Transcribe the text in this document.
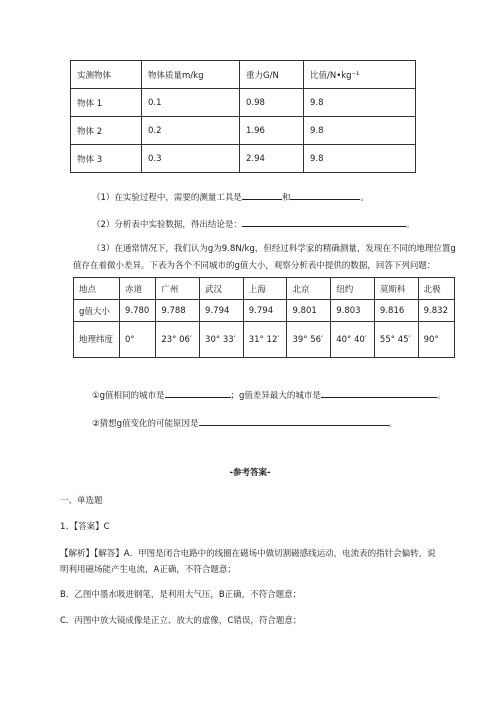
实测物体	物体质量m/kg	重力G/N	比值/N•kg⁻¹
物体 1	0.1	0.98	9.8
物体 2	0.2	1.96	9.8
物体 3	0.3	2.94	9.8
（1）在实验过程中，需要的测量工具是	和	。
（2）分析表中实验数据，得出结论是：	。
（3）在通常情况下，我们认为g为9.8N/kg，但经过科学家的精确测量，发现在不同的地理位置g
值存在着微小差异。下表为各个不同城市的g值大小，观察分析表中提供的数据，回答下列问题：
地点	赤道	广州	武汉	上海	北京	纽约	莫斯科	北极
g值大小	9.780	9.788	9.794	9.794	9.801	9.803	9.816	9.832
地理纬度	0°	23° 06′	30° 33′	31° 12′	39° 56′	40° 40′	55° 45′	90°
①g值相同的城市是	；g值差异最大的城市是	。
②猜想g值变化的可能原因是	。
-参考答案-
一、单选题
1、【答案】C
【解析】【解答】A．甲图是闭合电路中的线圈在磁场中做切割磁感线运动，电流表的指针会偏转，说
明利用磁场能产生电流，A正确，不符合题意；
B．乙图中墨水吸进钢笔，是利用大气压，B正确，不符合题意；
C．丙图中放大镜成像是正立、放大的虚像，C错误，符合题意；
